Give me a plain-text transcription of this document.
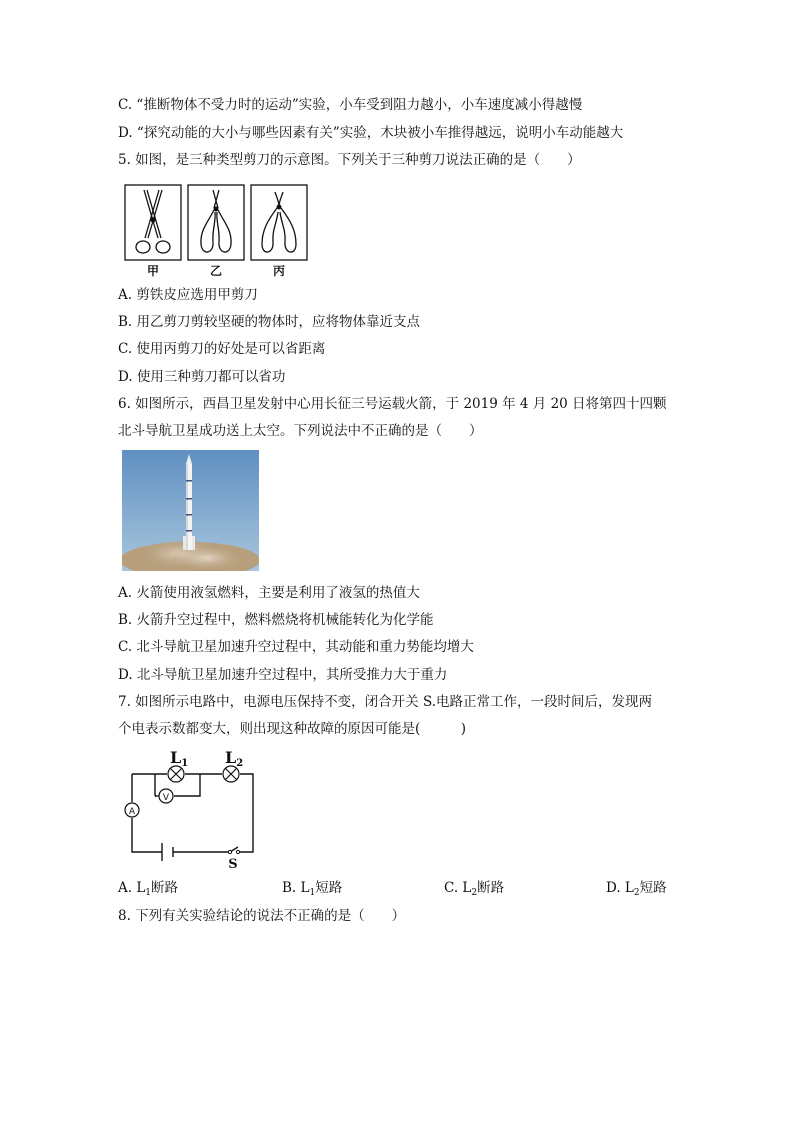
C. “推断物体不受力时的运动”实验，小车受到阻力越小，小车速度减小得越慢
D. “探究动能的大小与哪些因素有关”实验，木块被小车推得越远，说明小车动能越大
5. 如图，是三种类型剪刀的示意图。下列关于三种剪刀说法正确的是（　　）
甲	乙	丙
A. 剪铁皮应选用甲剪刀
B. 用乙剪刀剪较坚硬的物体时，应将物体靠近支点
C. 使用丙剪刀的好处是可以省距离
D. 使用三种剪刀都可以省功
6. 如图所示，西昌卫星发射中心用长征三号运载火箭，于 2019 年 4 月 20 日将第四十四颗
北斗导航卫星成功送上太空。下列说法中不正确的是（　　）
A. 火箭使用液氢燃料，主要是利用了液氢的热值大
B. 火箭升空过程中，燃料燃烧将机械能转化为化学能
C. 北斗导航卫星加速升空过程中，其动能和重力势能均增大
D. 北斗导航卫星加速升空过程中，其所受推力大于重力
7. 如图所示电路中，电源电压保持不变，闭合开关 S.电路正常工作，一段时间后，发现两
个电表示数都变大，则出现这种故障的原因可能是(　　　)
V
A
S
L1 L2
A. $L_1$断路	B. $L_1$短路	C. $L_2$断路	D. $L_2$短路
8. 下列有关实验结论的说法不正确的是（　　）
